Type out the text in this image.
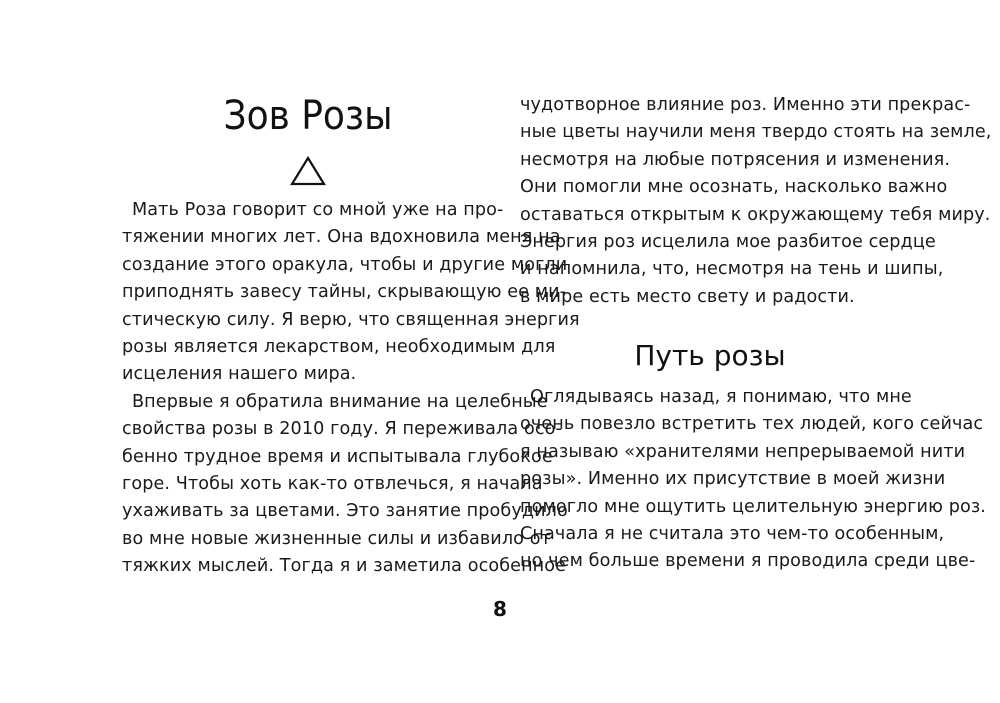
Зов Розы
Мать Роза говорит со мной уже на про-
тяжении многих лет. Она вдохновила меня на
создание этого оракула, чтобы и другие могли
приподнять завесу тайны, скрывающую ее ми-
стическую силу. Я верю, что священная энергия
розы является лекарством, необходимым для
исцеления нашего мира.
Впервые я обратила внимание на целебные
свойства розы в 2010 году. Я переживала осо-
бенно трудное время и испытывала глубокое
горе. Чтобы хоть как-то отвлечься, я начала
ухаживать за цветами. Это занятие пробудило
во мне новые жизненные силы и избавило от
тяжких мыслей. Тогда я и заметила особенное
чудотворное влияние роз. Именно эти прекрас-
ные цветы научили меня твердо стоять на земле,
несмотря на любые потрясения и изменения.
Они помогли мне осознать, насколько важно
оставаться открытым к окружающему тебя миру.
Энергия роз исцелила мое разбитое сердце
и напомнила, что, несмотря на тень и шипы,
в мире есть место свету и радости.
Путь розы
Оглядываясь назад, я понимаю, что мне
очень повезло встретить тех людей, кого сейчас
я называю «хранителями непрерываемой нити
розы». Именно их присутствие в моей жизни
помогло мне ощутить целительную энергию роз.
Сначала я не считала это чем-то особенным,
но чем больше времени я проводила среди цве-
8
